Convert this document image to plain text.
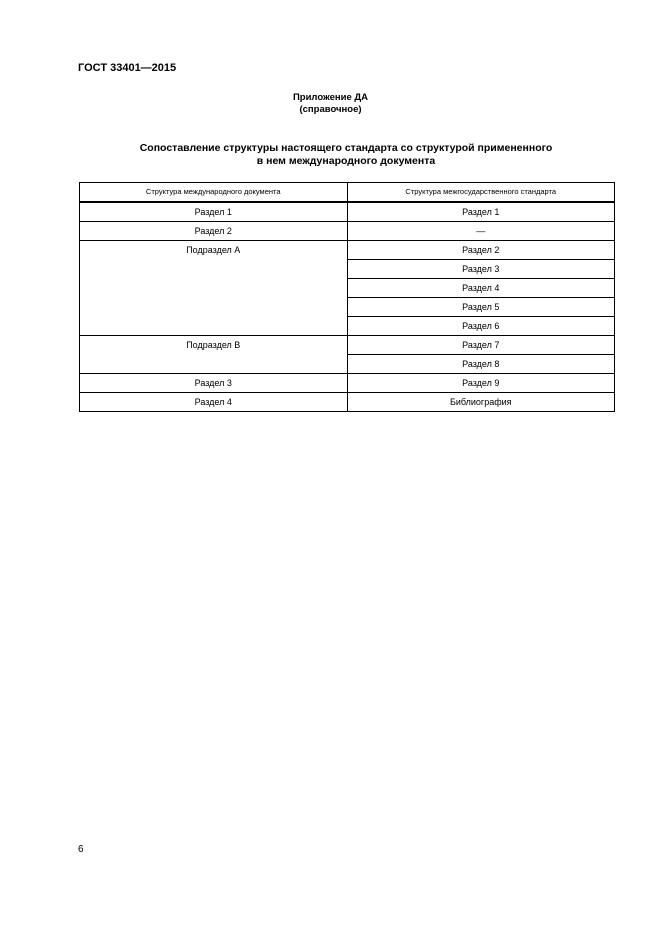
ГОСТ 33401—2015
Приложение ДА
(справочное)
Сопоставление структуры настоящего стандарта со структурой примененного
в нем международного документа
Структура международного документа	Структура межгосударственного стандарта
Раздел 1	Раздел 1
Раздел 2	—
Подраздел А	Раздел 2
	Раздел 3
	Раздел 4
	Раздел 5
	Раздел 6
Подраздел В	Раздел 7
	Раздел 8
Раздел 3	Раздел 9
Раздел 4	Библиография
6
